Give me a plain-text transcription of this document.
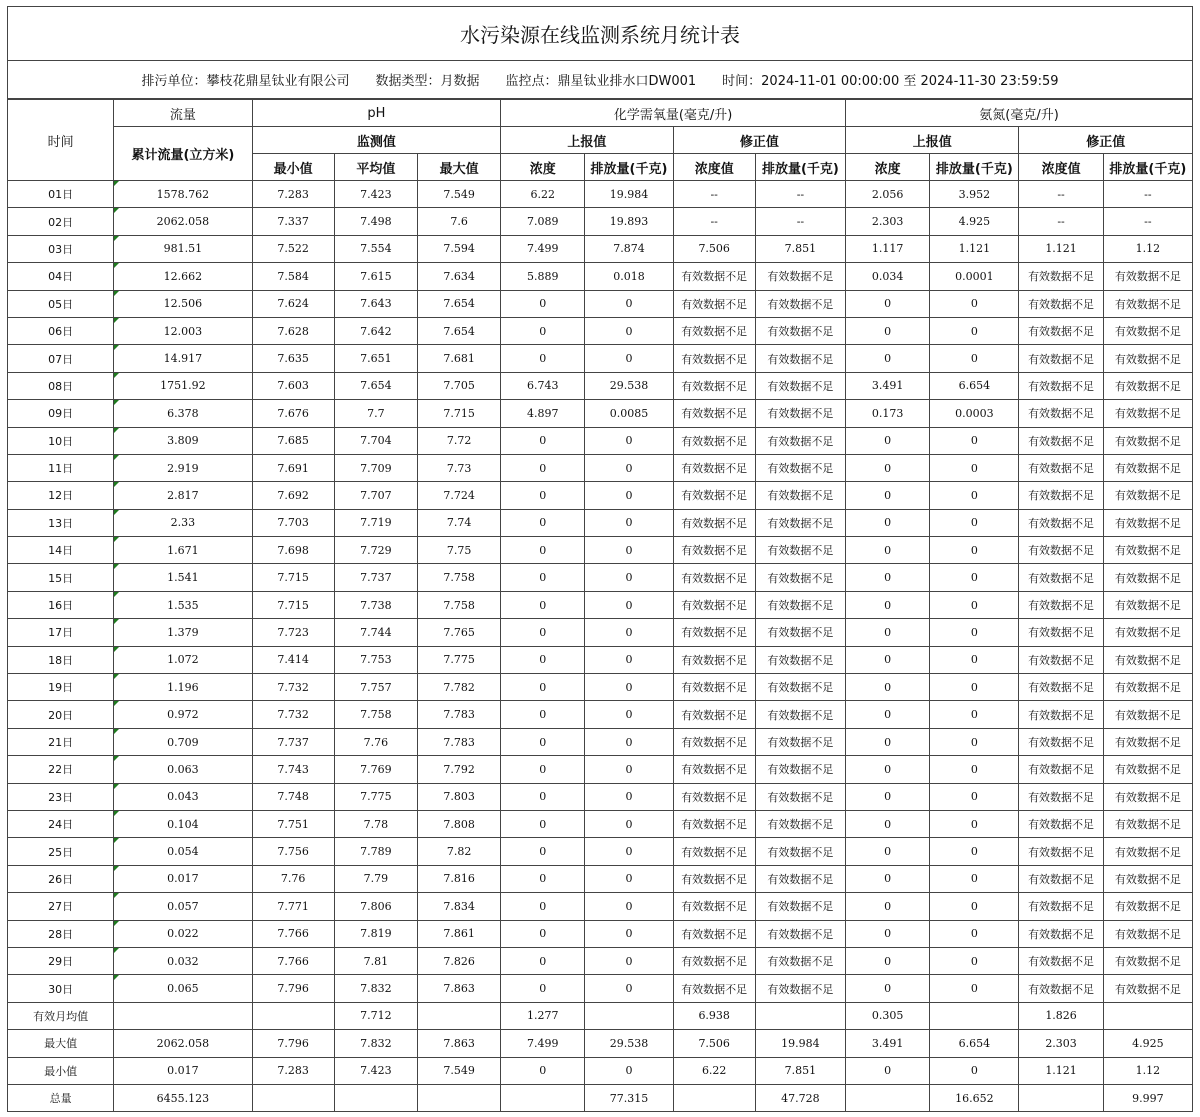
水污染源在线监测系统月统计表
排污单位：攀枝花鼎星钛业有限公司 数据类型：月数据 监控点：鼎星钛业排水口DW001 时间：2024-11-01 00:00:00 至 2024-11-30 23:59:59
时间	流量	pH			化学需氧量(毫克/升)				氨氮(毫克/升)			
	累计流量(立方米)	监测值			上报值		修正值		上报值		修正值	
		最小值	平均值	最大值	浓度	排放量(千克)	浓度值	排放量(千克)	浓度	排放量(千克)	浓度值	排放量(千克)
01日	1578.762	7.283	7.423	7.549	6.22	19.984	--	--	2.056	3.952	--	--
02日	2062.058	7.337	7.498	7.6	7.089	19.893	--	--	2.303	4.925	--	--
03日	981.51	7.522	7.554	7.594	7.499	7.874	7.506	7.851	1.117	1.121	1.121	1.12
04日	12.662	7.584	7.615	7.634	5.889	0.018	有效数据不足	有效数据不足	0.034	0.0001	有效数据不足	有效数据不足
05日	12.506	7.624	7.643	7.654	0	0	有效数据不足	有效数据不足	0	0	有效数据不足	有效数据不足
06日	12.003	7.628	7.642	7.654	0	0	有效数据不足	有效数据不足	0	0	有效数据不足	有效数据不足
07日	14.917	7.635	7.651	7.681	0	0	有效数据不足	有效数据不足	0	0	有效数据不足	有效数据不足
08日	1751.92	7.603	7.654	7.705	6.743	29.538	有效数据不足	有效数据不足	3.491	6.654	有效数据不足	有效数据不足
09日	6.378	7.676	7.7	7.715	4.897	0.0085	有效数据不足	有效数据不足	0.173	0.0003	有效数据不足	有效数据不足
10日	3.809	7.685	7.704	7.72	0	0	有效数据不足	有效数据不足	0	0	有效数据不足	有效数据不足
11日	2.919	7.691	7.709	7.73	0	0	有效数据不足	有效数据不足	0	0	有效数据不足	有效数据不足
12日	2.817	7.692	7.707	7.724	0	0	有效数据不足	有效数据不足	0	0	有效数据不足	有效数据不足
13日	2.33	7.703	7.719	7.74	0	0	有效数据不足	有效数据不足	0	0	有效数据不足	有效数据不足
14日	1.671	7.698	7.729	7.75	0	0	有效数据不足	有效数据不足	0	0	有效数据不足	有效数据不足
15日	1.541	7.715	7.737	7.758	0	0	有效数据不足	有效数据不足	0	0	有效数据不足	有效数据不足
16日	1.535	7.715	7.738	7.758	0	0	有效数据不足	有效数据不足	0	0	有效数据不足	有效数据不足
17日	1.379	7.723	7.744	7.765	0	0	有效数据不足	有效数据不足	0	0	有效数据不足	有效数据不足
18日	1.072	7.414	7.753	7.775	0	0	有效数据不足	有效数据不足	0	0	有效数据不足	有效数据不足
19日	1.196	7.732	7.757	7.782	0	0	有效数据不足	有效数据不足	0	0	有效数据不足	有效数据不足
20日	0.972	7.732	7.758	7.783	0	0	有效数据不足	有效数据不足	0	0	有效数据不足	有效数据不足
21日	0.709	7.737	7.76	7.783	0	0	有效数据不足	有效数据不足	0	0	有效数据不足	有效数据不足
22日	0.063	7.743	7.769	7.792	0	0	有效数据不足	有效数据不足	0	0	有效数据不足	有效数据不足
23日	0.043	7.748	7.775	7.803	0	0	有效数据不足	有效数据不足	0	0	有效数据不足	有效数据不足
24日	0.104	7.751	7.78	7.808	0	0	有效数据不足	有效数据不足	0	0	有效数据不足	有效数据不足
25日	0.054	7.756	7.789	7.82	0	0	有效数据不足	有效数据不足	0	0	有效数据不足	有效数据不足
26日	0.017	7.76	7.79	7.816	0	0	有效数据不足	有效数据不足	0	0	有效数据不足	有效数据不足
27日	0.057	7.771	7.806	7.834	0	0	有效数据不足	有效数据不足	0	0	有效数据不足	有效数据不足
28日	0.022	7.766	7.819	7.861	0	0	有效数据不足	有效数据不足	0	0	有效数据不足	有效数据不足
29日	0.032	7.766	7.81	7.826	0	0	有效数据不足	有效数据不足	0	0	有效数据不足	有效数据不足
30日	0.065	7.796	7.832	7.863	0	0	有效数据不足	有效数据不足	0	0	有效数据不足	有效数据不足
有效月均值			7.712		1.277		6.938		0.305		1.826	
最大值	2062.058	7.796	7.832	7.863	7.499	29.538	7.506	19.984	3.491	6.654	2.303	4.925
最小值	0.017	7.283	7.423	7.549	0	0	6.22	7.851	0	0	1.121	1.12
总量	6455.123					77.315		47.728		16.652		9.997
